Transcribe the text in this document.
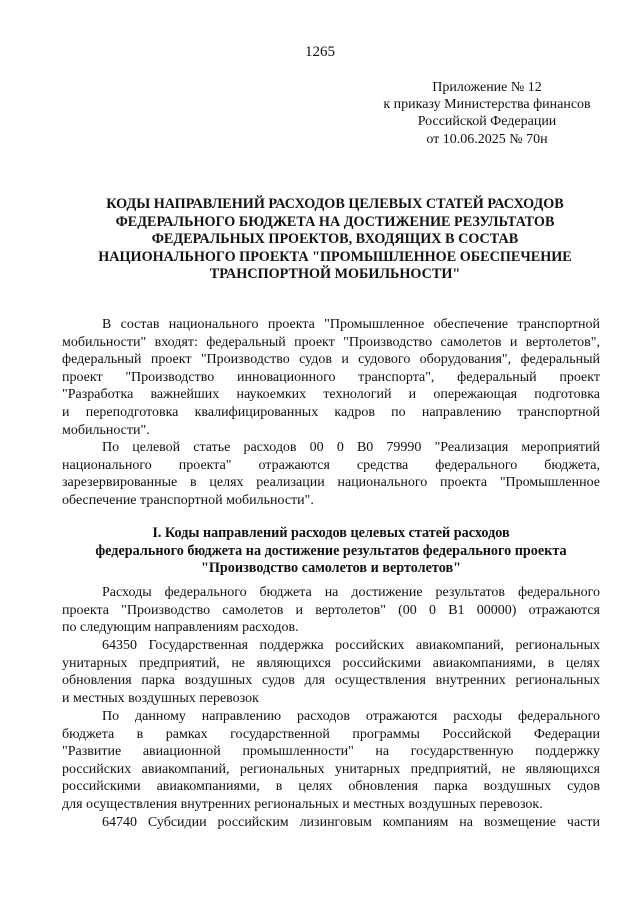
1265
Приложение № 12
к приказу Министерства финансов
Российской Федерации
от 10.06.2025 № 70н
КОДЫ НАПРАВЛЕНИЙ РАСХОДОВ ЦЕЛЕВЫХ СТАТЕЙ РАСХОДОВ
ФЕДЕРАЛЬНОГО БЮДЖЕТА НА ДОСТИЖЕНИЕ РЕЗУЛЬТАТОВ
ФЕДЕРАЛЬНЫХ ПРОЕКТОВ, ВХОДЯЩИХ В СОСТАВ
НАЦИОНАЛЬНОГО ПРОЕКТА "ПРОМЫШЛЕННОЕ ОБЕСПЕЧЕНИЕ
ТРАНСПОРТНОЙ МОБИЛЬНОСТИ"
В состав национального проекта "Промышленное обеспечение транспортной
мобильности" входят: федеральный проект "Производство самолетов и вертолетов",
федеральный проект "Производство судов и судового оборудования", федеральный
проект "Производство инновационного транспорта", федеральный проект
"Разработка важнейших наукоемких технологий и опережающая подготовка
и переподготовка квалифицированных кадров по направлению транспортной
мобильности".
По целевой статье расходов 00 0 В0 79990 "Реализация мероприятий
национального проекта" отражаются средства федерального бюджета,
зарезервированные в целях реализации национального проекта "Промышленное
обеспечение транспортной мобильности".
I. Коды направлений расходов целевых статей расходов
федерального бюджета на достижение результатов федерального проекта
"Производство самолетов и вертолетов"
Расходы федерального бюджета на достижение результатов федерального
проекта "Производство самолетов и вертолетов" (00 0 В1 00000) отражаются
по следующим направлениям расходов.
64350 Государственная поддержка российских авиакомпаний, региональных
унитарных предприятий, не являющихся российскими авиакомпаниями, в целях
обновления парка воздушных судов для осуществления внутренних региональных
и местных воздушных перевозок
По данному направлению расходов отражаются расходы федерального
бюджета в рамках государственной программы Российской Федерации
"Развитие авиационной промышленности" на государственную поддержку
российских авиакомпаний, региональных унитарных предприятий, не являющихся
российскими авиакомпаниями, в целях обновления парка воздушных судов
для осуществления внутренних региональных и местных воздушных перевозок.
64740 Субсидии российским лизинговым компаниям на возмещение части
